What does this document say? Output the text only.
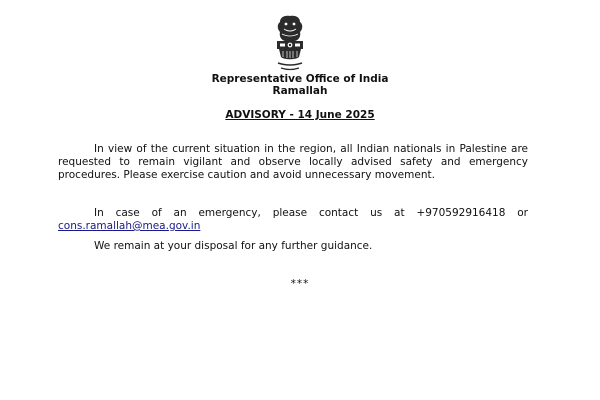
Representative Office of India
Ramallah
ADVISORY - 14 June 2025
In view of the current situation in the region, all Indian nationals in Palestine are requested to remain vigilant and observe locally advised safety and emergency procedures. Please exercise caution and avoid unnecessary movement.
In case of an emergency, please contact us at +970592916418 or cons.ramallah@mea.gov.in
We remain at your disposal for any further guidance.
***
